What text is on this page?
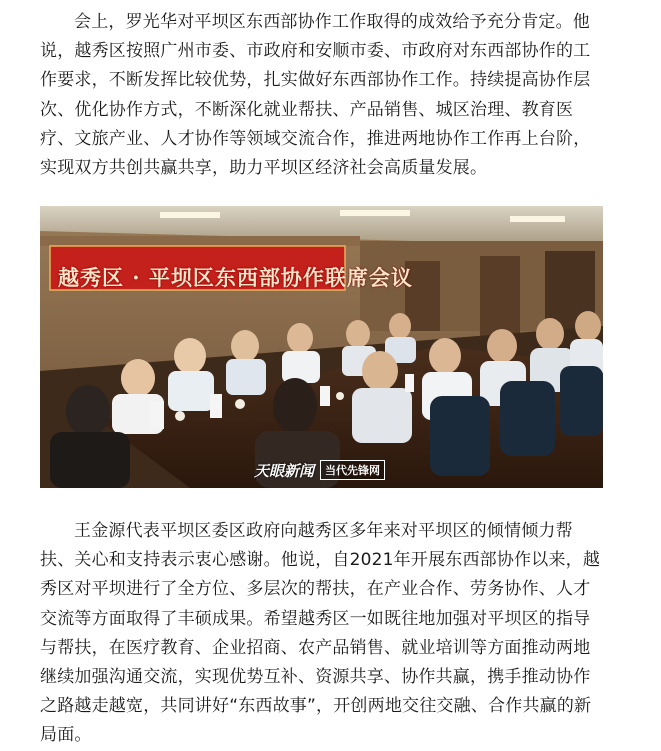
会上，罗光华对平坝区东西部协作工作取得的成效给予充分肯定。他说，越秀区按照广州市委、市政府和安顺市委、市政府对东西部协作的工作要求，不断发挥比较优势，扎实做好东西部协作工作。持续提高协作层次、优化协作方式，不断深化就业帮扶、产品销售、城区治理、教育医疗、文旅产业、人才协作等领域交流合作，推进两地协作工作再上台阶，实现双方共创共赢共享，助力平坝区经济社会高质量发展。

越秀区 · 平坝区东西部协作联席会议
天眼新闻	当代先锋网

王金源代表平坝区委区政府向越秀区多年来对平坝区的倾情倾力帮扶、关心和支持表示衷心感谢。他说，自2021年开展东西部协作以来，越秀区对平坝进行了全方位、多层次的帮扶，在产业合作、劳务协作、人才交流等方面取得了丰硕成果。希望越秀区一如既往地加强对平坝区的指导与帮扶，在医疗教育、企业招商、农产品销售、就业培训等方面推动两地继续加强沟通交流，实现优势互补、资源共享、协作共赢，携手推动协作之路越走越宽，共同讲好“东西故事”，开创两地交往交融、合作共赢的新局面。
